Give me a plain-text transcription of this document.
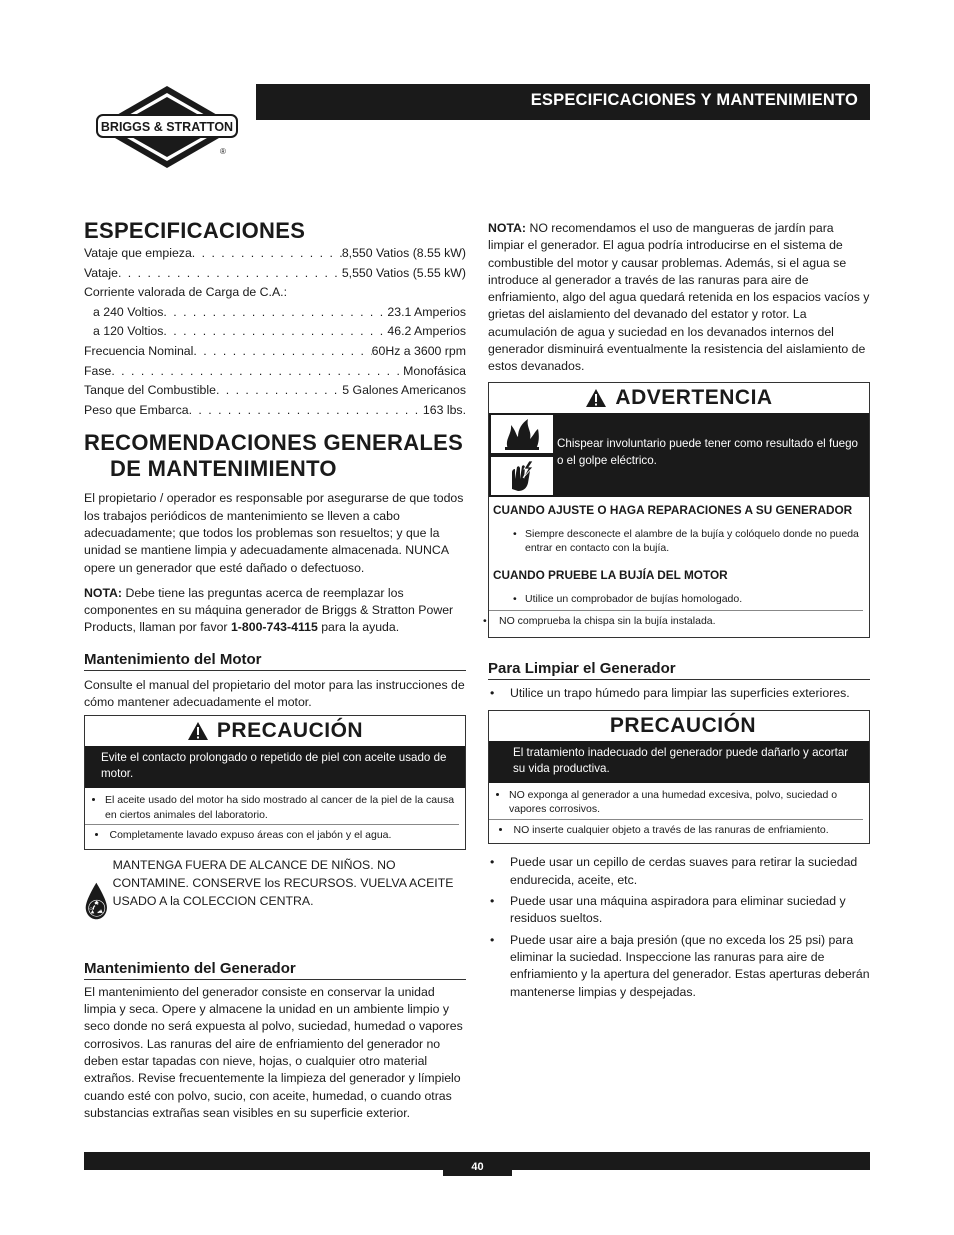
BRIGGS & STRATTON
®
ESPECIFICACIONES Y MANTENIMIENTO
ESPECIFICACIONES
Vataje que empieza . . .	8,550 Vatios (8.55 kW)
Vataje . . .	5,550 Vatios (5.55 kW)
Corriente valorada de Carga de C.A.:
a 240 Voltios . . .	23.1 Amperios
a 120 Voltios . . .	46.2 Amperios
Frecuencia Nominal . . .	60Hz a 3600 rpm
Fase . . .	Monofásica
Tanque del Combustible . . .	5 Galones Americanos
Peso que Embarca . . .	163 lbs.
RECOMENDACIONES GENERALES DE MANTENIMIENTO

El propietario / operador es responsable por asegurarse de que todos los trabajos periódicos de mantenimiento se lleven a cabo adecuadamente; que todos los problemas son resueltos; y que la unidad se mantiene limpia y adecuadamente almacenada. NUNCA opere un generador que esté dañado o defectuoso.

NOTA: Debe tiene las preguntas acerca de reemplazar los componentes en su máquina generador de Briggs & Stratton Power Products, llaman por favor 1-800-743-4115 para la ayuda.

Mantenimiento del Motor

Consulte el manual del propietario del motor para las instrucciones de cómo mantener adecuadamente el motor.

PRECAUCIÓN
Evite el contacto prolongado o repetido de piel con aceite usado de motor.
• El aceite usado del motor ha sido mostrado al cancer de la piel de la causa en ciertos animales del laboratorio.
• Completamente lavado expuso áreas con el jabón y el agua.
Oil
MANTENGA FUERA DE ALCANCE DE NIÑOS. NO CONTAMINE. CONSERVE los RECURSOS. VUELVA ACEITE USADO A la COLECCION CENTRA.
Mantenimiento del Generador

El mantenimiento del generador consiste en conservar la unidad limpia y seca. Opere y almacene la unidad en un ambiente limpio y seco donde no será expuesta al polvo, suciedad, humedad o vapores corrosivos. Las ranuras del aire de enfriamiento del generador no deben estar tapadas con nieve, hojas, o cualquier otro material extraños. Revise frecuentemente la limpieza del generador y límpielo cuando esté con polvo, sucio, con aceite, humedad, o cuando otras substancias extrañas sean visibles en su superficie exterior.

NOTA: NO recomendamos el uso de mangueras de jardín para limpiar el generador. El agua podría introducirse en el sistema de combustible del motor y causar problemas. Además, si el agua se introduce al generador a través de las ranuras para aire de enfriamiento, algo del agua quedará retenida en los espacios vacíos y grietas del aislamiento del devanado del estator y rotor. La acumulación de agua y suciedad en los devanados internos del generador disminuirá eventualmente la resistencia del aislamiento de estos devanados.

ADVERTENCIA
Chispear involuntario puede tener como resultado el fuego o el golpe eléctrico.
CUANDO AJUSTE O HAGA REPARACIONES A SU GENERADOR
• Siempre desconecte el alambre de la bujía y colóquelo donde no pueda entrar en contacto con la bujía.
CUANDO PRUEBE LA BUJÍA DEL MOTOR
• Utilice un comprobador de bujías homologado.
• NO comprueba la chispa sin la bujía instalada.
Para Limpiar el Generador
• Utilice un trapo húmedo para limpiar las superficies exteriores.
PRECAUCIÓN
El tratamiento inadecuado del generador puede dañarlo y acortar su vida productiva.
• NO exponga al generador a una humedad excesiva, polvo, suciedad o vapores corrosivos.
• NO inserte cualquier objeto a través de las ranuras de enfriamiento.
• Puede usar un cepillo de cerdas suaves para retirar la suciedad endurecida, aceite, etc.
• Puede usar una máquina aspiradora para eliminar suciedad y residuos sueltos.
• Puede usar aire a baja presión (que no exceda los 25 psi) para eliminar la suciedad. Inspeccione las ranuras para aire de enfriamiento y la apertura del generador. Estas aperturas deberán mantenerse limpias y despejadas.
40
